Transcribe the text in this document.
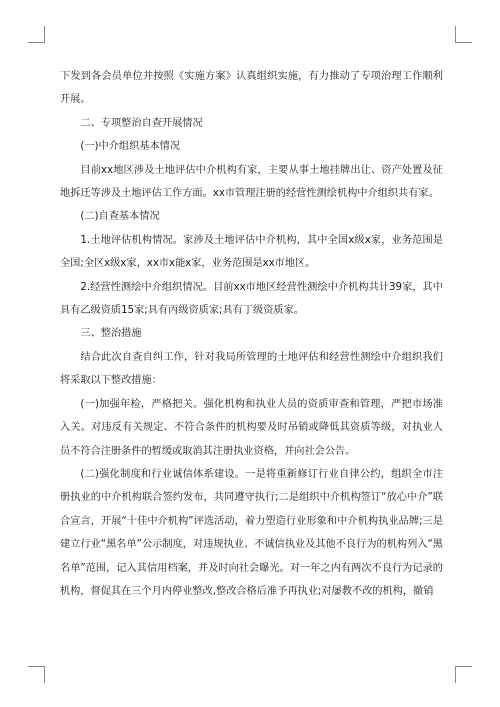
下发到各会员单位并按照《实施方案》认真组织实施，有力推动了专项治理工作顺利开展。

二、专项整治自查开展情况

(一)中介组织基本情况

目前xx地区涉及土地评估中介机构有家，主要从事土地挂牌出让、资产处置及征地拆迁等涉及土地评估工作方面。xx市管理注册的经营性测绘机构中介组织共有家。

(二)自查基本情况

1.土地评估机构情况。家涉及土地评估中介机构，其中全国x级x家，业务范围是全国;全区x级x家，xx市x能x家，业务范围是xx市地区。

2.经营性测绘中介组织情况。目前xx市地区经营性测绘中介机构共计39家，其中具有乙级资质15家;具有丙级资质家;具有丁级资质家。

三、整治措施

结合此次自查自纠工作，针对我局所管理的土地评估和经营性测绘中介组织我们将采取以下整改措施：

(一)加强年检，严格把关。强化机构和执业人员的资质审查和管理，严把市场准入关。对违反有关规定、不符合条件的机构要及时吊销或降低其资质等级，对执业人员不符合注册条件的暂缓或取消其注册执业资格，并向社会公告。

(二)强化制度和行业诚信体系建设。一是将重新修订行业自律公约，组织全市注册执业的中介机构联合签约发布，共同遵守执行;二是组织中介机构签订“放心中介”联合宣言，开展“十佳中介机构”评选活动，着力塑造行业形象和中介机构执业品牌;三是建立行业“黑名单”公示制度，对违规执业、不诚信执业及其他不良行为的机构列入“黑名单”范围，记入其信用档案，并及时向社会曝光。对一年之内有两次不良行为记录的机构，督促其在三个月内停业整改,整改合格后准予再执业;对屡教不改的机构，撤销
